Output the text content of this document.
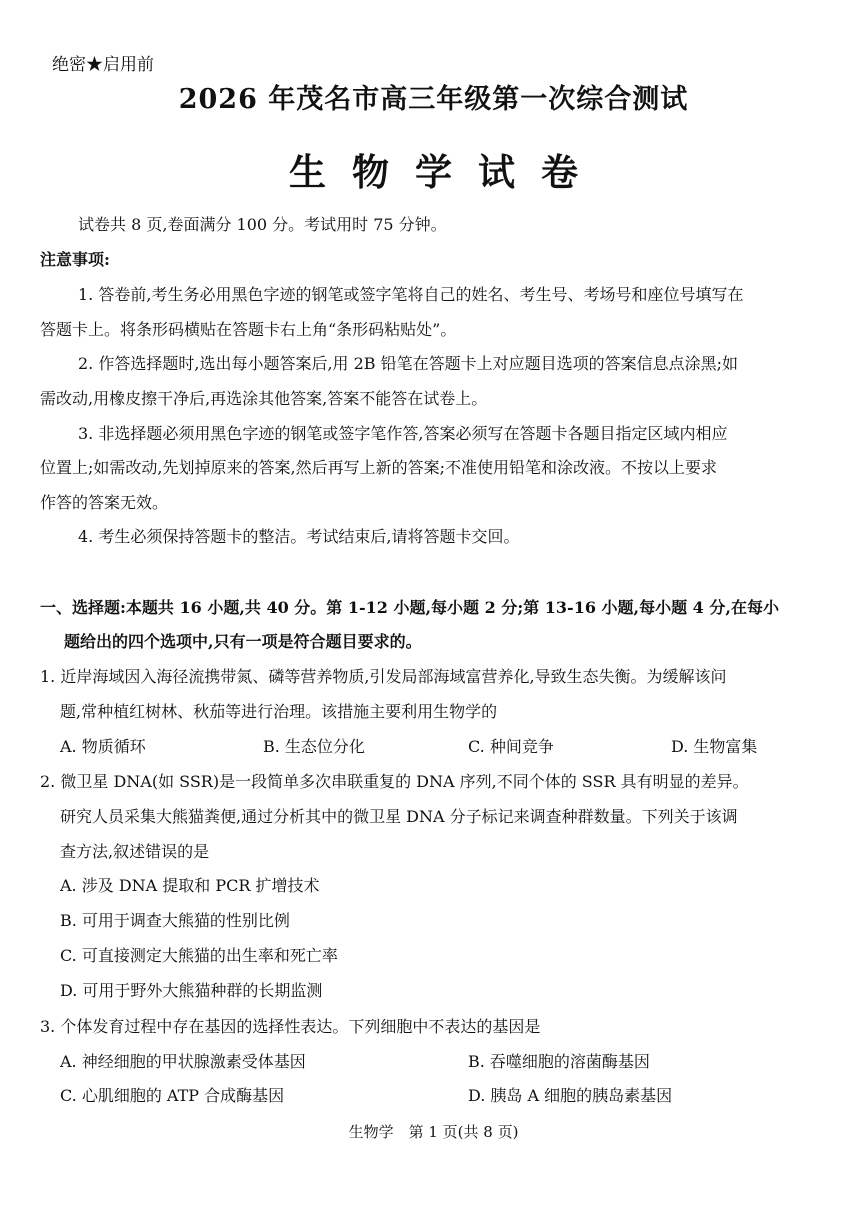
绝密★启用前
2026 年茂名市高三年级第一次综合测试
生物学试卷
试卷共 8 页,卷面满分 100 分。考试用时 75 分钟。
注意事项:
1. 答卷前,考生务必用黑色字迹的钢笔或签字笔将自己的姓名、考生号、考场号和座位号填写在
答题卡上。将条形码横贴在答题卡右上角“条形码粘贴处”。
2. 作答选择题时,选出每小题答案后,用 2B 铅笔在答题卡上对应题目选项的答案信息点涂黑;如
需改动,用橡皮擦干净后,再选涂其他答案,答案不能答在试卷上。
3. 非选择题必须用黑色字迹的钢笔或签字笔作答,答案必须写在答题卡各题目指定区域内相应
位置上;如需改动,先划掉原来的答案,然后再写上新的答案;不准使用铅笔和涂改液。不按以上要求
作答的答案无效。
4. 考生必须保持答题卡的整洁。考试结束后,请将答题卡交回。
一、选择题:本题共 16 小题,共 40 分。第 1-12 小题,每小题 2 分;第 13-16 小题,每小题 4 分,在每小
题给出的四个选项中,只有一项是符合题目要求的。
1. 近岸海域因入海径流携带氮、磷等营养物质,引发局部海域富营养化,导致生态失衡。为缓解该问
题,常种植红树林、秋茄等进行治理。该措施主要利用生物学的
A. 物质循环	B. 生态位分化	C. 种间竞争	D. 生物富集
2. 微卫星 DNA(如 SSR)是一段简单多次串联重复的 DNA 序列,不同个体的 SSR 具有明显的差异。
研究人员采集大熊猫粪便,通过分析其中的微卫星 DNA 分子标记来调查种群数量。下列关于该调
查方法,叙述错误的是
A. 涉及 DNA 提取和 PCR 扩增技术
B. 可用于调查大熊猫的性别比例
C. 可直接测定大熊猫的出生率和死亡率
D. 可用于野外大熊猫种群的长期监测
3. 个体发育过程中存在基因的选择性表达。下列细胞中不表达的基因是
A. 神经细胞的甲状腺激素受体基因	B. 吞噬细胞的溶菌酶基因
C. 心肌细胞的 ATP 合成酶基因	D. 胰岛 A 细胞的胰岛素基因
生物学　第 1 页(共 8 页)
